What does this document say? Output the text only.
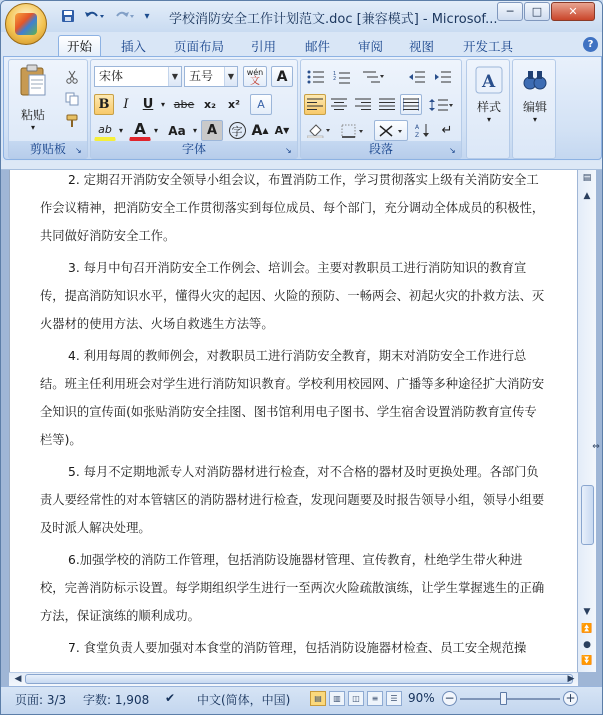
▾ 学校消防安全工作计划范文.doc [兼容模式] - Microsof...
─	□	✕
开始	插入	页面布局	引用	邮件	审阅	视图	开发工具	?
粘贴
▾
剪贴板	↘
宋体	▼ 五号	▼	wén
文	A
B	I	U ▾ abe x₂	x²	A
ab ▾ A	▾ Aa ▾ A	字 A ▲ A ▼
字体	↘
1
2
A
Z	↵
段落	↘
A
样式
▾
编辑
▾

2. 定期召开消防安全领导小组会议，布置消防工作，学习贯彻落实上级有关消防安全工作会议精神，把消防安全工作贯彻落实到每位成员、每个部门，充分调动全体成员的积极性，共同做好消防安全工作。

3. 每月中旬召开消防安全工作例会、培训会。主要对教职员工进行消防知识的教育宣传，提高消防知识水平，懂得火灾的起因、火险的预防、一畅两会、初起火灾的扑救方法、灭火器材的使用方法、火场自救逃生方法等。

4. 利用每周的教师例会，对教职员工进行消防安全教育，期末对消防安全工作进行总结。班主任利用班会对学生进行消防知识教育。学校利用校园网、广播等多种途径扩大消防安全知识的宣传面(如张贴消防安全挂图、图书馆利用电子图书、学生宿舍设置消防教育宣传专栏等)。

5. 每月不定期地派专人对消防器材进行检查，对不合格的器材及时更换处理。各部门负责人要经常性的对本管辖区的消防器材进行检查，发现问题要及时报告领导小组，领导小组要及时派人解决处理。

6.加强学校的消防工作管理，包括消防设施器材管理、宣传教育，杜绝学生带火种进校，完善消防标示设置。每学期组织学生进行一至两次火险疏散演练，让学生掌握逃生的正确方法，保证演练的顺利成功。

7. 食堂负责人要加强对本食堂的消防管理，包括消防设施器材检查、员工安全规范操

▤
▲
▼
⏫
●
⏬
⇔
◀	▶
页面: 3/3 字数: 1,908 ✔ 中文(简体，中国)	▤	▥	◫	≡	☰ 90% −	+
